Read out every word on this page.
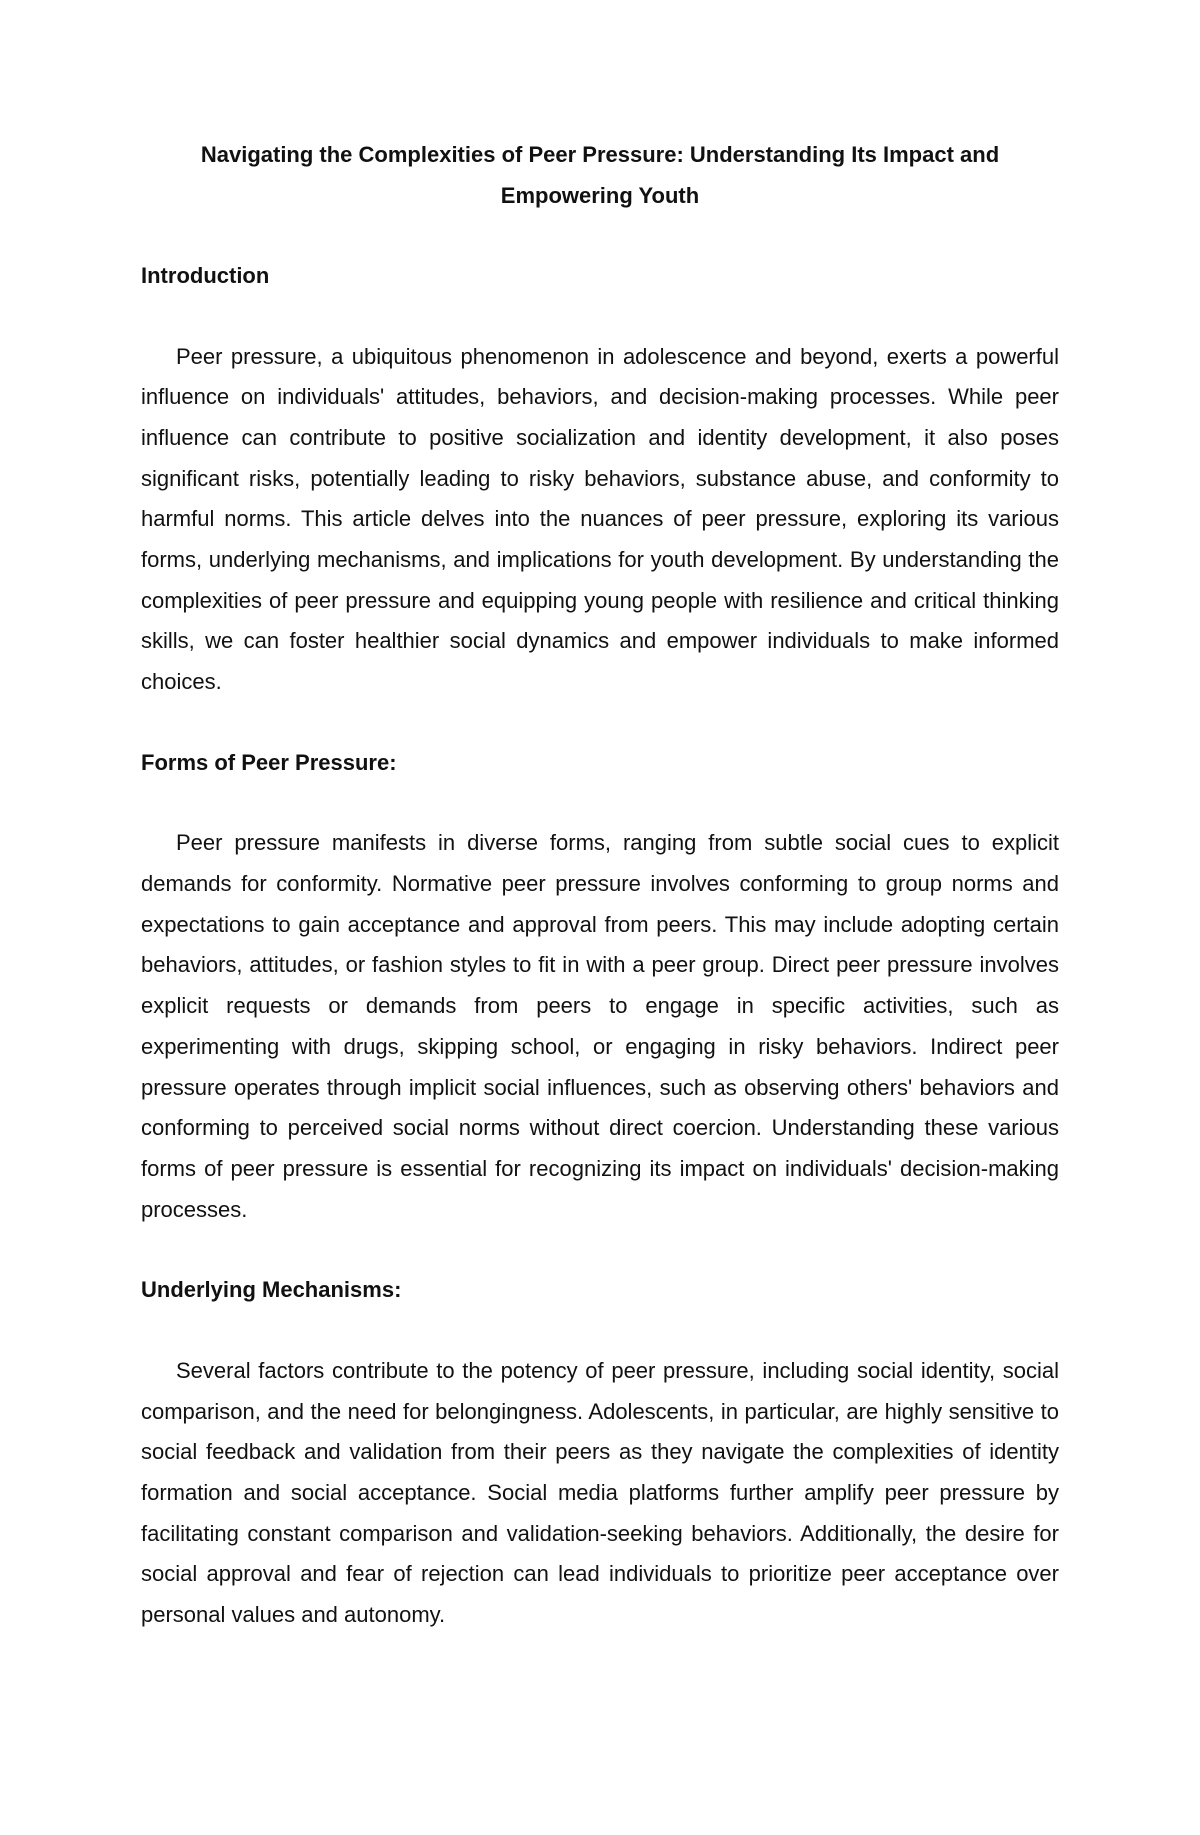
Navigating the Complexities of Peer Pressure: Understanding Its Impact and Empowering Youth
Introduction

Peer pressure, a ubiquitous phenomenon in adolescence and beyond, exerts a powerful influence on individuals' attitudes, behaviors, and decision-making processes. While peer influence can contribute to positive socialization and identity development, it also poses significant risks, potentially leading to risky behaviors, substance abuse, and conformity to harmful norms. This article delves into the nuances of peer pressure, exploring its various forms, underlying mechanisms, and implications for youth development. By understanding the complexities of peer pressure and equipping young people with resilience and critical thinking skills, we can foster healthier social dynamics and empower individuals to make informed choices.

Forms of Peer Pressure:

Peer pressure manifests in diverse forms, ranging from subtle social cues to explicit demands for conformity. Normative peer pressure involves conforming to group norms and expectations to gain acceptance and approval from peers. This may include adopting certain behaviors, attitudes, or fashion styles to fit in with a peer group. Direct peer pressure involves explicit requests or demands from peers to engage in specific activities, such as experimenting with drugs, skipping school, or engaging in risky behaviors. Indirect peer pressure operates through implicit social influences, such as observing others' behaviors and conforming to perceived social norms without direct coercion. Understanding these various forms of peer pressure is essential for recognizing its impact on individuals' decision-making processes.

Underlying Mechanisms:

Several factors contribute to the potency of peer pressure, including social identity, social comparison, and the need for belongingness. Adolescents, in particular, are highly sensitive to social feedback and validation from their peers as they navigate the complexities of identity formation and social acceptance. Social media platforms further amplify peer pressure by facilitating constant comparison and validation-seeking behaviors. Additionally, the desire for social approval and fear of rejection can lead individuals to prioritize peer acceptance over personal values and autonomy.
